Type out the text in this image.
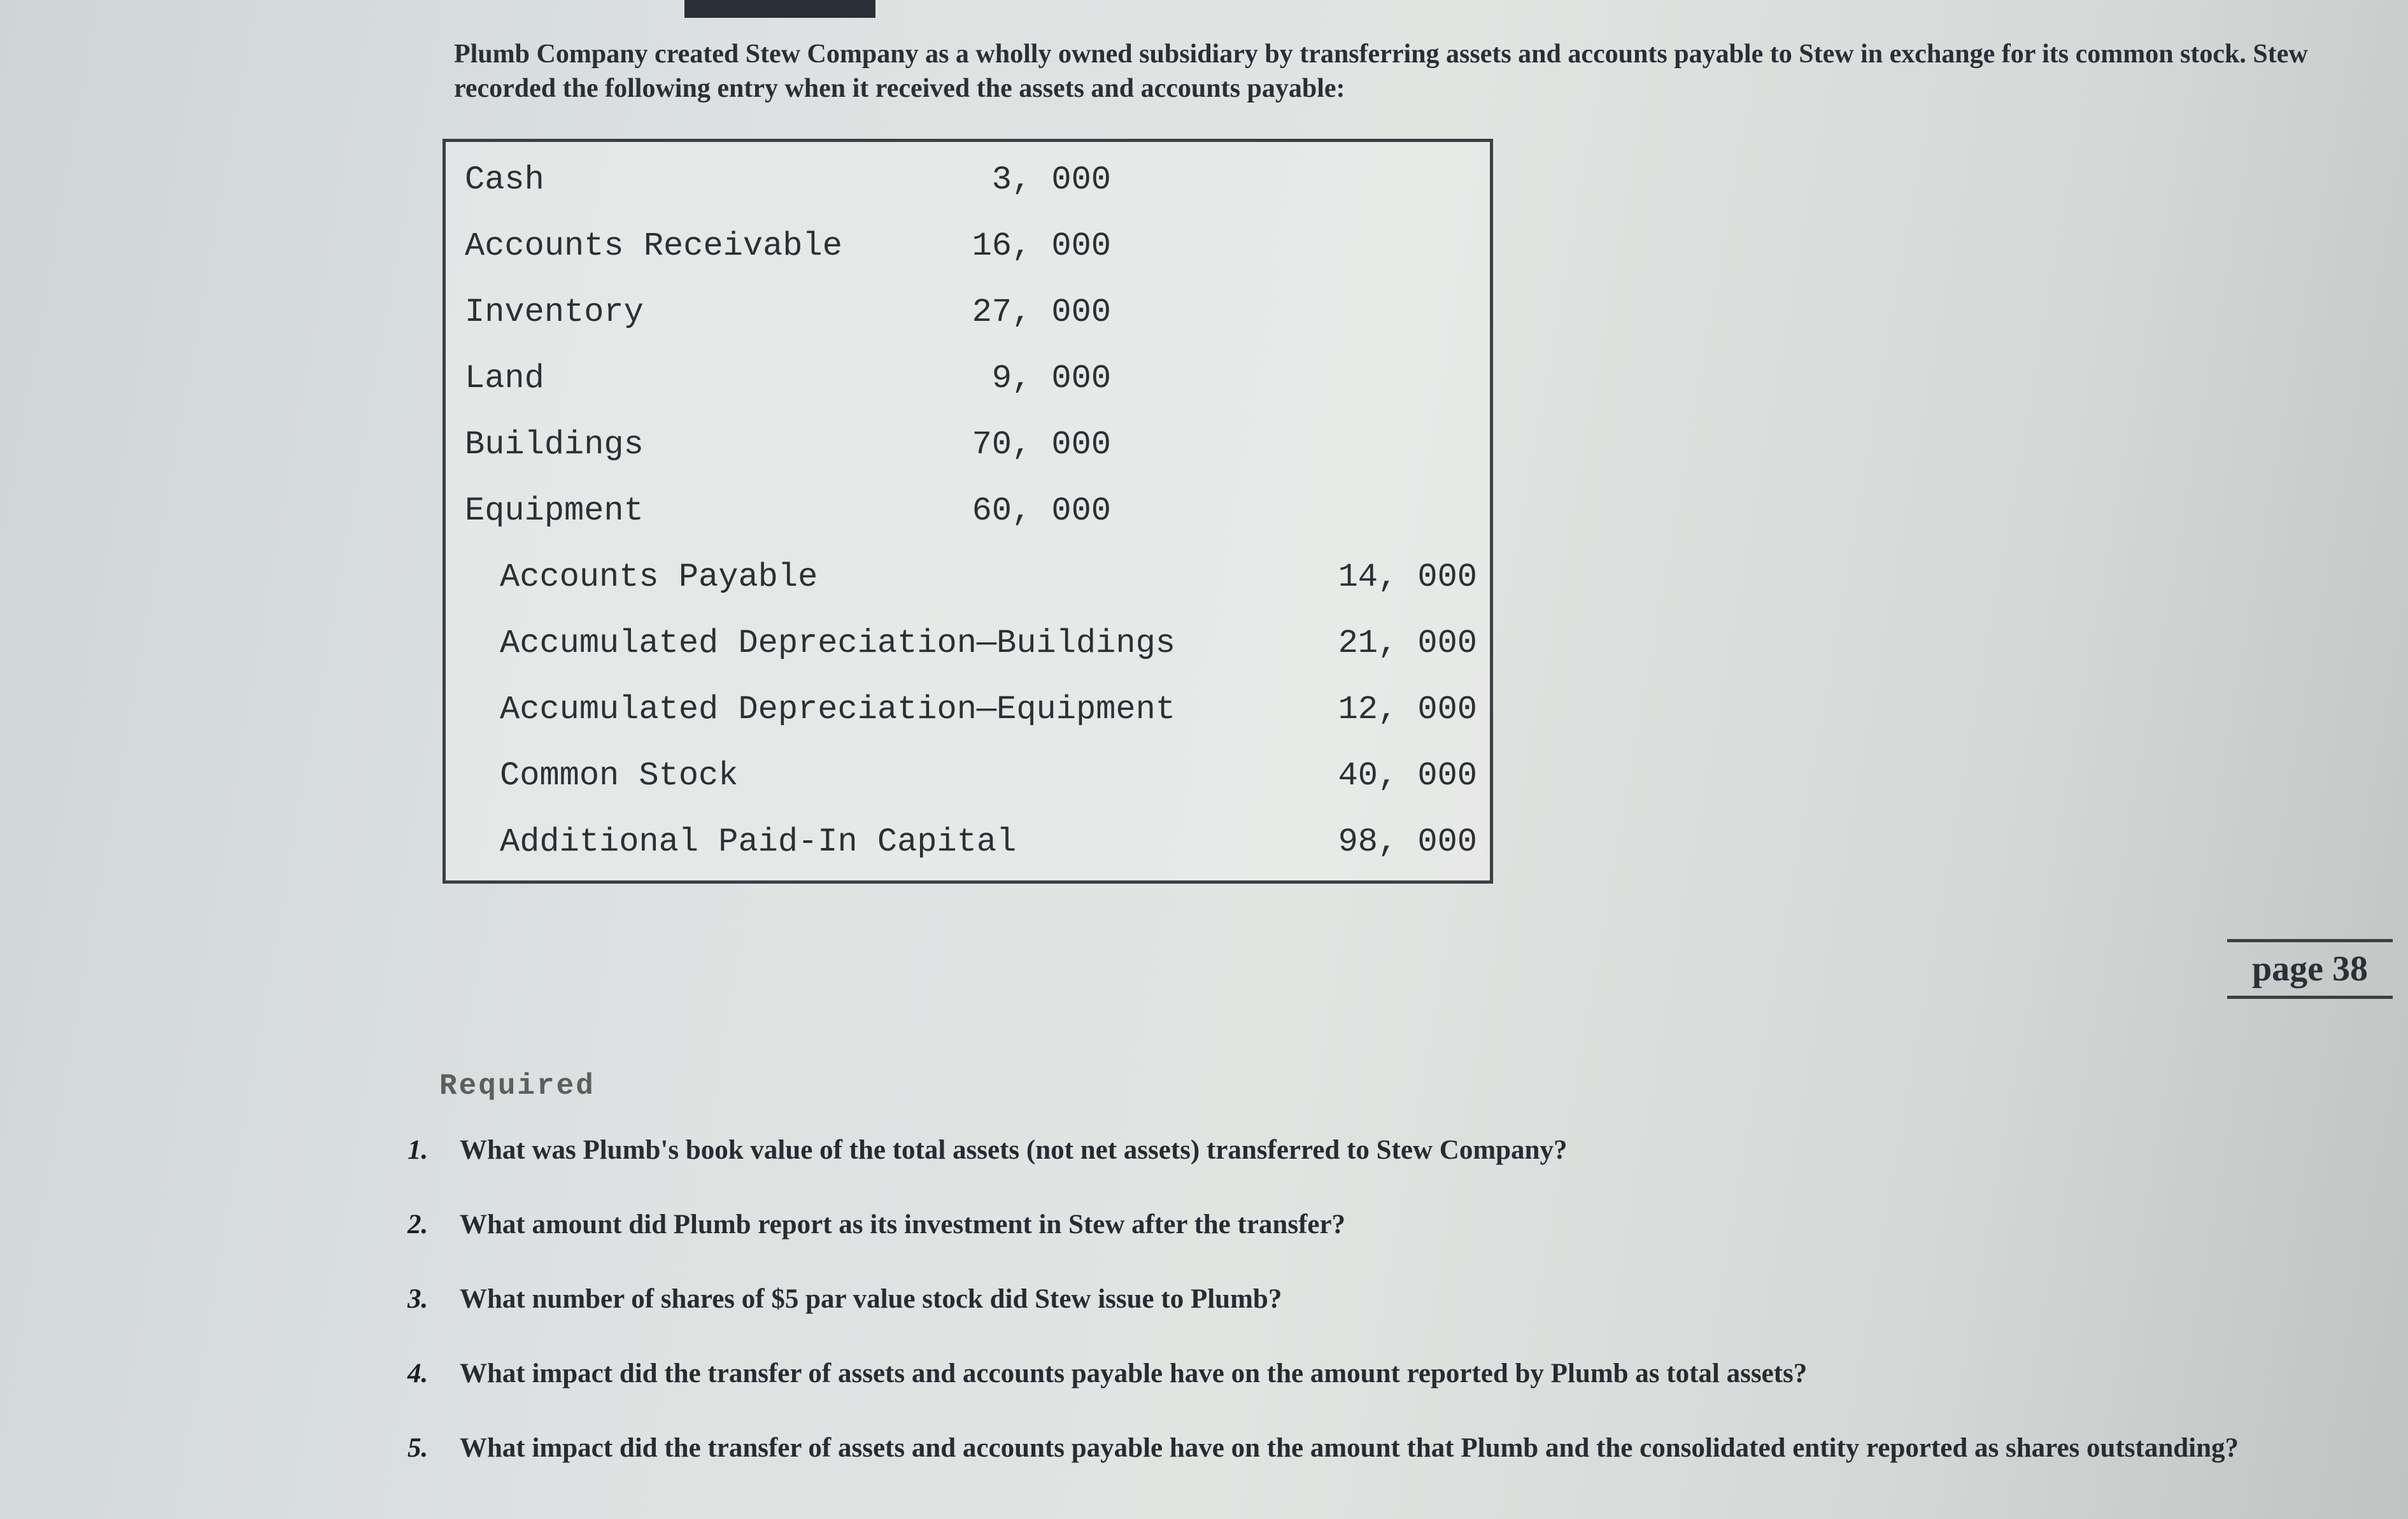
Plumb Company created Stew Company as a wholly owned subsidiary by transferring assets and accounts payable to Stew in exchange for its common stock. Stew recorded the following entry when it received the assets and accounts payable:
Cash	3, 000
Accounts Receivable	16, 000
Inventory	27, 000
Land	9, 000
Buildings	70, 000
Equipment	60, 000
Accounts Payable	14, 000
Accumulated Depreciation—Buildings	21, 000
Accumulated Depreciation—Equipment	12, 000
Common Stock	40, 000
Additional Paid-In Capital	98, 000
page 38
Required
1.	What was Plumb's book value of the total assets (not net assets) transferred to Stew Company?
2.	What amount did Plumb report as its investment in Stew after the transfer?
3.	What number of shares of $5 par value stock did Stew issue to Plumb?
4.	What impact did the transfer of assets and accounts payable have on the amount reported by Plumb as total assets?
5.	What impact did the transfer of assets and accounts payable have on the amount that Plumb and the consolidated entity reported as shares outstanding?
